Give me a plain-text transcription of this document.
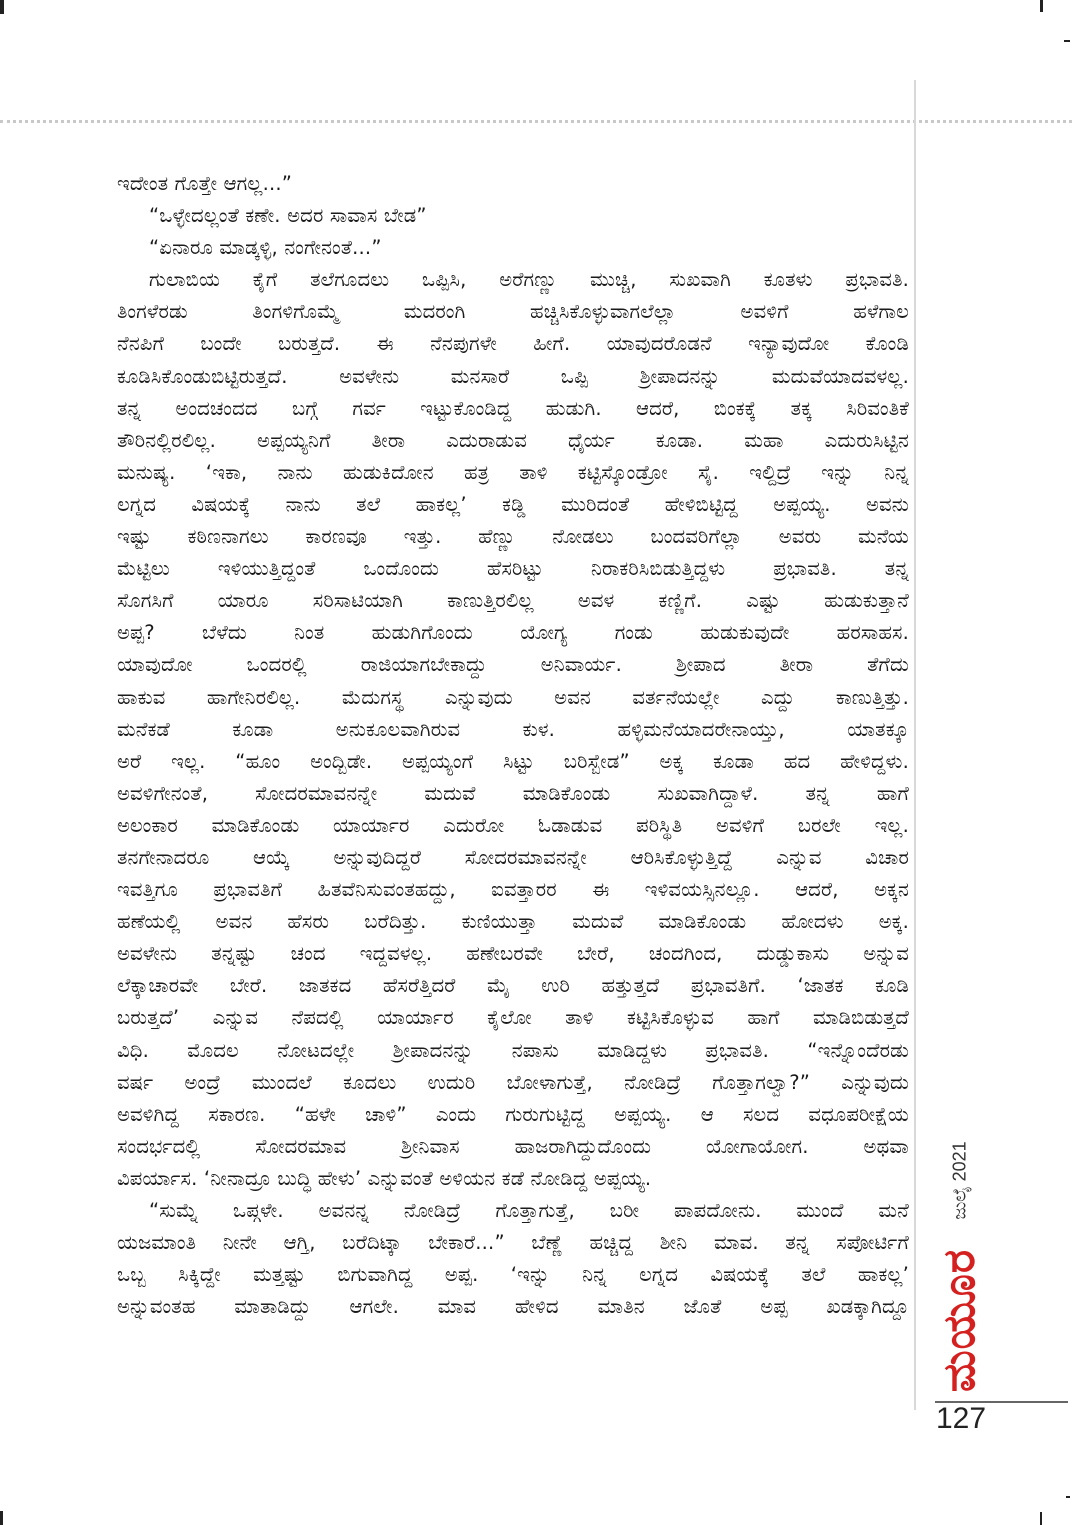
ಇದೇಂತ ಗೊತ್ತೇ ಆಗಲ್ಲ...”
“ಒಳ್ಳೇದಲ್ಲಂತೆ ಕಣೇ. ಅದರ ಸಾವಾಸ ಬೇಡ”
“ಏನಾರೂ ಮಾಡ್ಕಳ್ಳಿ, ನಂಗೇನಂತೆ...”
ಗುಲಾಬಿಯ ಕೈಗೆ ತಲೆಗೂದಲು ಒಪ್ಪಿಸಿ, ಅರೆಗಣ್ಣು ಮುಚ್ಚಿ, ಸುಖವಾಗಿ ಕೂತಳು ಪ್ರಭಾವತಿ.
ತಿಂಗಳೆರಡು ತಿಂಗಳಿಗೊಮ್ಮೆ ಮದರಂಗಿ ಹಚ್ಚಿಸಿಕೊಳ್ಳುವಾಗಲೆಲ್ಲಾ ಅವಳಿಗೆ ಹಳೆಗಾಲ
ನೆನಪಿಗೆ ಬಂದೇ ಬರುತ್ತದೆ. ಈ ನೆನಪುಗಳೇ ಹೀಗೆ. ಯಾವುದರೊಡನೆ ಇನ್ಯಾವುದೋ ಕೊಂಡಿ
ಕೂಡಿಸಿಕೊಂಡುಬಿಟ್ಟಿರುತ್ತದೆ. ಅವಳೇನು ಮನಸಾರೆ ಒಪ್ಪಿ ಶ್ರೀಪಾದನನ್ನು ಮದುವೆಯಾದವಳಲ್ಲ.
ತನ್ನ ಅಂದಚಂದದ ಬಗ್ಗೆ ಗರ್ವ ಇಟ್ಟುಕೊಂಡಿದ್ದ ಹುಡುಗಿ. ಆದರೆ, ಬಿಂಕಕ್ಕೆ ತಕ್ಕ ಸಿರಿವಂತಿಕೆ
ತೌರಿನಲ್ಲಿರಲಿಲ್ಲ. ಅಪ್ಪಯ್ಯನಿಗೆ ತೀರಾ ಎದುರಾಡುವ ಧೈರ್ಯ ಕೂಡಾ. ಮಹಾ ಎದುರುಸಿಟ್ಟಿನ
ಮನುಷ್ಯ. ‘ಇಕಾ, ನಾನು ಹುಡುಕಿದೋನ ಹತ್ರ ತಾಳಿ ಕಟ್ಟಿಸ್ಕೊಂಡ್ರೋ ಸೈ. ಇಲ್ದಿದ್ರೆ ಇನ್ನು ನಿನ್ನ
ಲಗ್ನದ ವಿಷಯಕ್ಕೆ ನಾನು ತಲೆ ಹಾಕಲ್ಲ’ ಕಡ್ಡಿ ಮುರಿದಂತೆ ಹೇಳಿಬಿಟ್ಟಿದ್ದ ಅಪ್ಪಯ್ಯ. ಅವನು
ಇಷ್ಟು ಕಠಿಣನಾಗಲು ಕಾರಣವೂ ಇತ್ತು. ಹೆಣ್ಣು ನೋಡಲು ಬಂದವರಿಗೆಲ್ಲಾ ಅವರು ಮನೆಯ
ಮೆಟ್ಟಿಲು ಇಳಿಯುತ್ತಿದ್ದಂತೆ ಒಂದೊಂದು ಹೆಸರಿಟ್ಟು ನಿರಾಕರಿಸಿಬಿಡುತ್ತಿದ್ದಳು ಪ್ರಭಾವತಿ. ತನ್ನ
ಸೊಗಸಿಗೆ ಯಾರೂ ಸರಿಸಾಟಿಯಾಗಿ ಕಾಣುತ್ತಿರಲಿಲ್ಲ ಅವಳ ಕಣ್ಣಿಗೆ. ಎಷ್ಟು ಹುಡುಕುತ್ತಾನೆ
ಅಪ್ಪ? ಬೆಳೆದು ನಿಂತ ಹುಡುಗಿಗೊಂದು ಯೋಗ್ಯ ಗಂಡು ಹುಡುಕುವುದೇ ಹರಸಾಹಸ.
ಯಾವುದೋ ಒಂದರಲ್ಲಿ ರಾಜಿಯಾಗಬೇಕಾದ್ದು ಅನಿವಾರ್ಯ. ಶ್ರೀಪಾದ ತೀರಾ ತೆಗೆದು
ಹಾಕುವ ಹಾಗೇನಿರಲಿಲ್ಲ. ಮೆದುಗಸ್ಥ ಎನ್ನುವುದು ಅವನ ವರ್ತನೆಯಲ್ಲೇ ಎದ್ದು ಕಾಣುತ್ತಿತ್ತು.
ಮನೆಕಡೆ ಕೂಡಾ ಅನುಕೂಲವಾಗಿರುವ ಕುಳ. ಹಳ್ಳಿಮನೆಯಾದರೇನಾಯ್ತು, ಯಾತಕ್ಕೂ
ಅರೆ ಇಲ್ಲ. “ಹೂಂ ಅಂದ್ಬಿಡೇ. ಅಪ್ಪಯ್ಯಂಗೆ ಸಿಟ್ಟು ಬರಿಸ್ಬೇಡ” ಅಕ್ಕ ಕೂಡಾ ಹದ ಹೇಳಿದ್ದಳು.
ಅವಳಿಗೇನಂತೆ, ಸೋದರಮಾವನನ್ನೇ ಮದುವೆ ಮಾಡಿಕೊಂಡು ಸುಖವಾಗಿದ್ದಾಳೆ. ತನ್ನ ಹಾಗೆ
ಅಲಂಕಾರ ಮಾಡಿಕೊಂಡು ಯಾರ್ಯಾರ ಎದುರೋ ಓಡಾಡುವ ಪರಿಸ್ಥಿತಿ ಅವಳಿಗೆ ಬರಲೇ ಇಲ್ಲ.
ತನಗೇನಾದರೂ ಆಯ್ಕೆ ಅನ್ನುವುದಿದ್ದರೆ ಸೋದರಮಾವನನ್ನೇ ಆರಿಸಿಕೊಳ್ಳುತ್ತಿದ್ದೆ ಎನ್ನುವ ವಿಚಾರ
ಇವತ್ತಿಗೂ ಪ್ರಭಾವತಿಗೆ ಹಿತವೆನಿಸುವಂತಹದ್ದು, ಐವತ್ತಾರರ ಈ ಇಳಿವಯಸ್ಸಿನಲ್ಲೂ. ಆದರೆ, ಅಕ್ಕನ
ಹಣೆಯಲ್ಲಿ ಅವನ ಹೆಸರು ಬರೆದಿತ್ತು. ಕುಣಿಯುತ್ತಾ ಮದುವೆ ಮಾಡಿಕೊಂಡು ಹೋದಳು ಅಕ್ಕ.
ಅವಳೇನು ತನ್ನಷ್ಟು ಚಂದ ಇದ್ದವಳಲ್ಲ. ಹಣೇಬರವೇ ಬೇರೆ, ಚಂದಗಿಂದ, ದುಡ್ಡುಕಾಸು ಅನ್ನುವ
ಲೆಕ್ಕಾಚಾರವೇ ಬೇರೆ. ಜಾತಕದ ಹೆಸರೆತ್ತಿದರೆ ಮೈ ಉರಿ ಹತ್ತುತ್ತದೆ ಪ್ರಭಾವತಿಗೆ. ‘ಜಾತಕ ಕೂಡಿ
ಬರುತ್ತದೆ’ ಎನ್ನುವ ನೆಪದಲ್ಲಿ ಯಾರ್ಯಾರ ಕೈಲೋ ತಾಳಿ ಕಟ್ಟಿಸಿಕೊಳ್ಳುವ ಹಾಗೆ ಮಾಡಿಬಿಡುತ್ತದೆ
ವಿಧಿ. ಮೊದಲ ನೋಟದಲ್ಲೇ ಶ್ರೀಪಾದನನ್ನು ನಪಾಸು ಮಾಡಿದ್ದಳು ಪ್ರಭಾವತಿ. “ಇನ್ನೊಂದೆರಡು
ವರ್ಷ ಅಂದ್ರೆ ಮುಂದಲೆ ಕೂದಲು ಉದುರಿ ಬೋಳಾಗುತ್ತೆ, ನೋಡಿದ್ರೆ ಗೊತ್ತಾಗಲ್ವಾ?” ಎನ್ನುವುದು
ಅವಳಿಗಿದ್ದ ಸಕಾರಣ. “ಹಳೇ ಚಾಳಿ” ಎಂದು ಗುರುಗುಟ್ಟಿದ್ದ ಅಪ್ಪಯ್ಯ. ಆ ಸಲದ ವಧೂಪರೀಕ್ಷೆಯ
ಸಂದರ್ಭದಲ್ಲಿ ಸೋದರಮಾವ ಶ್ರೀನಿವಾಸ ಹಾಜರಾಗಿದ್ದುದೊಂದು ಯೋಗಾಯೋಗ. ಅಥವಾ
ವಿಪರ್ಯಾಸ. ‘ನೀನಾದ್ರೂ ಬುದ್ಧಿ ಹೇಳು’ ಎನ್ನುವಂತೆ ಅಳಿಯನ ಕಡೆ ನೋಡಿದ್ದ ಅಪ್ಪಯ್ಯ.
“ಸುಮ್ನೆ ಒಪ್ಗಳೇ. ಅವನನ್ನ ನೋಡಿದ್ರೆ ಗೊತ್ತಾಗುತ್ತೆ, ಬರೀ ಪಾಪದೋನು. ಮುಂದೆ ಮನೆ
ಯಜಮಾಂತಿ ನೀನೇ ಆಗ್ತಿ, ಬರೆದಿಟ್ಕಾ ಬೇಕಾರೆ...” ಬೆಣ್ಣೆ ಹಚ್ಚಿದ್ದ ಶೀನಿ ಮಾವ. ತನ್ನ ಸಪೋರ್ಟಿಗೆ
ಒಬ್ಬ ಸಿಕ್ಕಿದ್ದೇ ಮತ್ತಷ್ಟು ಬಿಗುವಾಗಿದ್ದ ಅಪ್ಪ. ‘ಇನ್ನು ನಿನ್ನ ಲಗ್ನದ ವಿಷಯಕ್ಕೆ ತಲೆ ಹಾಕಲ್ಲ’
ಅನ್ನುವಂತಹ ಮಾತಾಡಿದ್ದು ಆಗಲೇ. ಮಾವ ಹೇಳಿದ ಮಾತಿನ ಜೊತೆ ಅಪ್ಪ ಖಡಕ್ಕಾಗಿದ್ದೂ
ಜುಲೈ 2021
ಮಯೂರ
127
